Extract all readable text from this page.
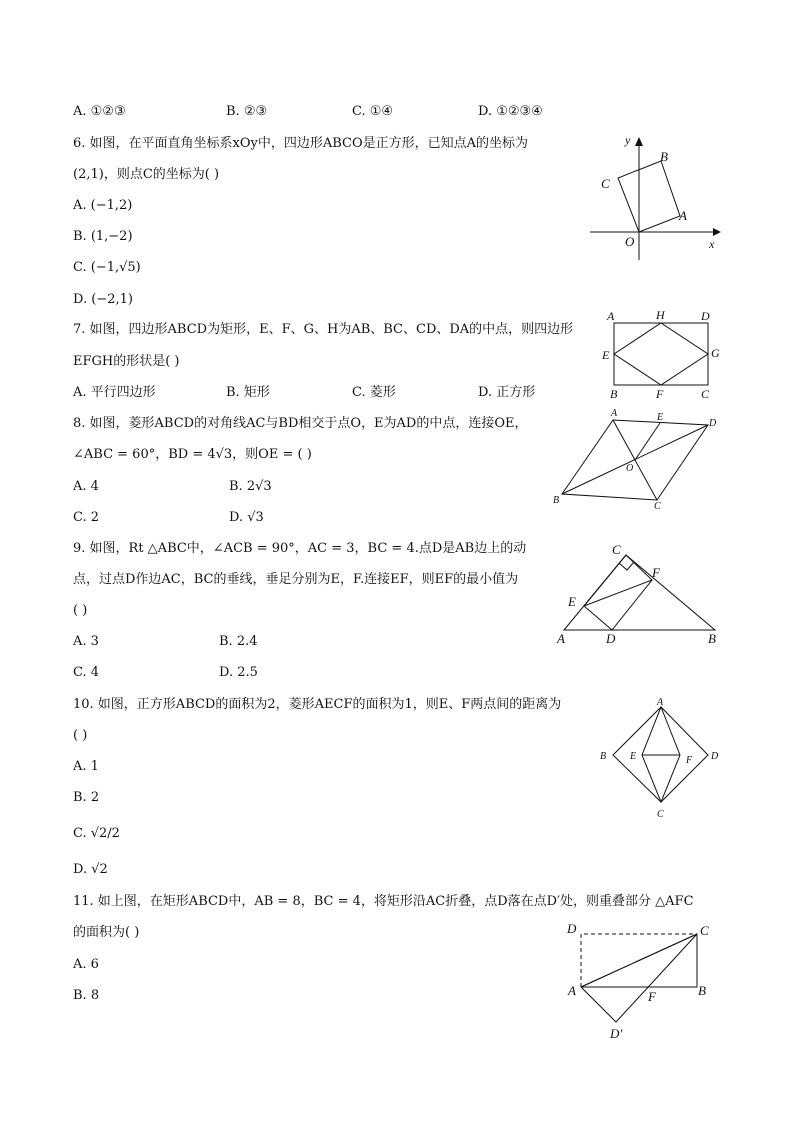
A. ①②③	B. ②③	C. ①④	D. ①②③④
6. 如图，在平面直角坐标系xOy中，四边形ABCO是正方形，已知点A的坐标为
(2,1)，则点C的坐标为( )
A. (−1,2)
B. (1,−2)
C. (−1,√5)
D. (−2,1)
y
x
O
A
B
C
7. 如图，四边形ABCD为矩形，E、F、G、H为AB、BC、CD、DA的中点，则四边形
EFGH的形状是( )
A. 平行四边形	B. 矩形	C. 菱形	D. 正方形
A	H	D
E	G
B	F	C
8. 如图，菱形ABCD的对角线AC与BD相交于点O，E为AD的中点，连接OE，
∠ABC = 60°，BD = 4√3，则OE = ( )
A. 4	B. 2√3
C. 2	D. √3
A	E
D
O
B
C
9. 如图，Rt △ABC中，∠ACB = 90°，AC = 3，BC = 4.点D是AB边上的动
点，过点D作边AC，BC的垂线，垂足分别为E，F.连接EF，则EF的最小值为
( )
A. 3	B. 2.4
C. 4	D. 2.5
C
F
E
A	D	B
10. 如图，正方形ABCD的面积为2，菱形AECF的面积为1，则E、F两点间的距离为
( )
A. 1
B. 2
C. √2/2
D. √2
A
B E	F D
C
11. 如上图，在矩形ABCD中，AB = 8，BC = 4，将矩形沿AC折叠，点D落在点D′处，则重叠部分 △AFC
的面积为( )
A. 6
B. 8
D	C
A	F	B
D′
